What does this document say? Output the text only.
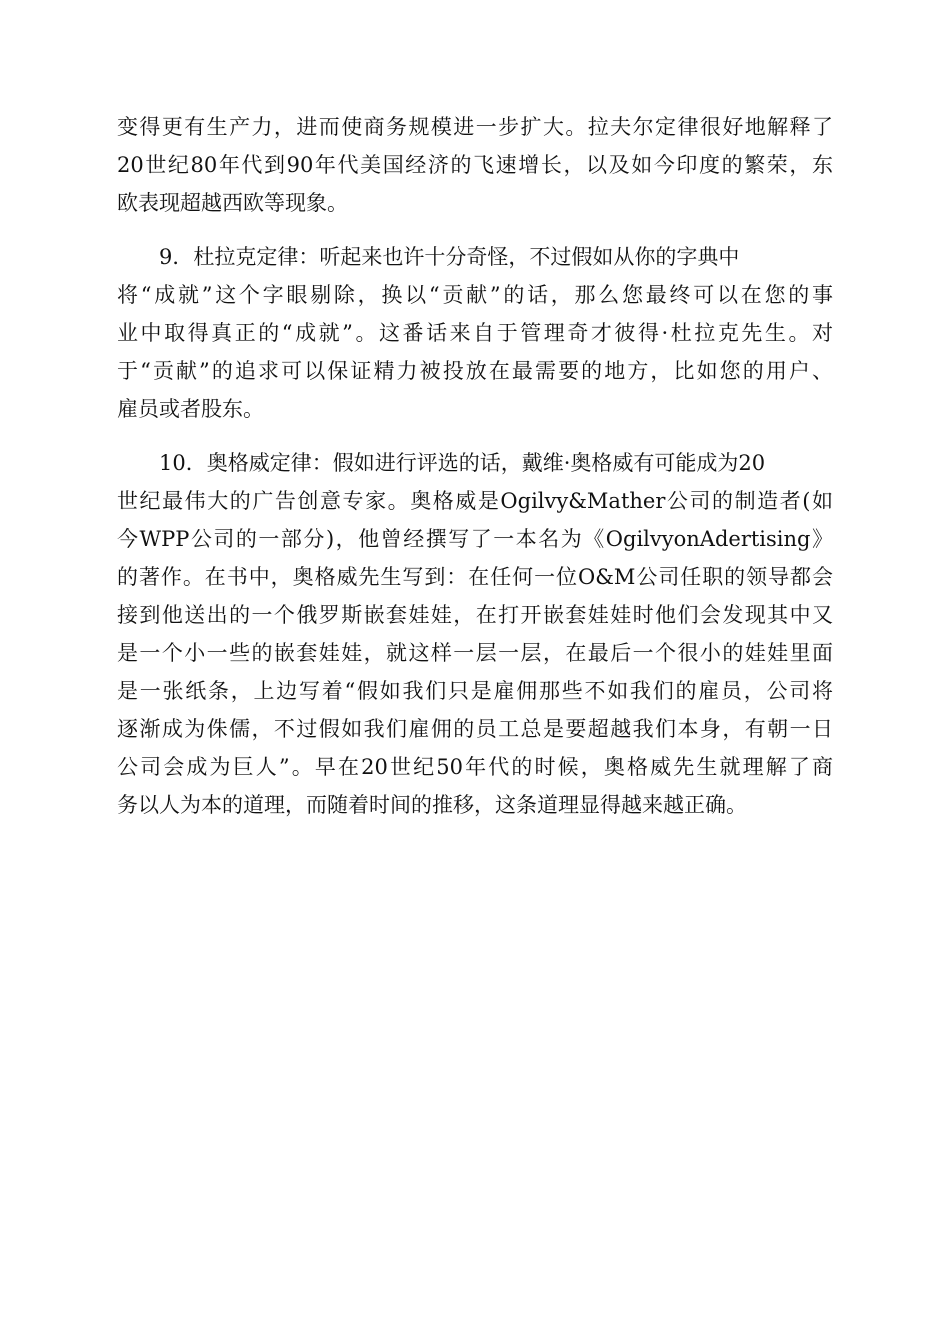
变得更有生产力，进而使商务规模进一步扩大。拉夫尔定律很好地解释了
20世纪80年代到90年代美国经济的飞速增长，以及如今印度的繁荣，东
欧表现超越西欧等现象。
9．杜拉克定律：听起来也许十分奇怪，不过假如从你的字典中
将“成就”这个字眼剔除，换以“贡献”的话，那么您最终可以在您的事
业中取得真正的“成就”。这番话来自于管理奇才彼得·杜拉克先生。对
于“贡献”的追求可以保证精力被投放在最需要的地方，比如您的用户、
雇员或者股东。
10．奥格威定律：假如进行评选的话，戴维·奥格威有可能成为20
世纪最伟大的广告创意专家。奥格威是Ogilvy&Mather公司的制造者(如
今WPP公司的一部分)，他曾经撰写了一本名为《OgilvyonAdertising》
的著作。在书中，奥格威先生写到：在任何一位O&M公司任职的领导都会
接到他送出的一个俄罗斯嵌套娃娃，在打开嵌套娃娃时他们会发现其中又
是一个小一些的嵌套娃娃，就这样一层一层，在最后一个很小的娃娃里面
是一张纸条，上边写着“假如我们只是雇佣那些不如我们的雇员，公司将
逐渐成为侏儒，不过假如我们雇佣的员工总是要超越我们本身，有朝一日
公司会成为巨人”。早在20世纪50年代的时候，奥格威先生就理解了商
务以人为本的道理，而随着时间的推移，这条道理显得越来越正确。
